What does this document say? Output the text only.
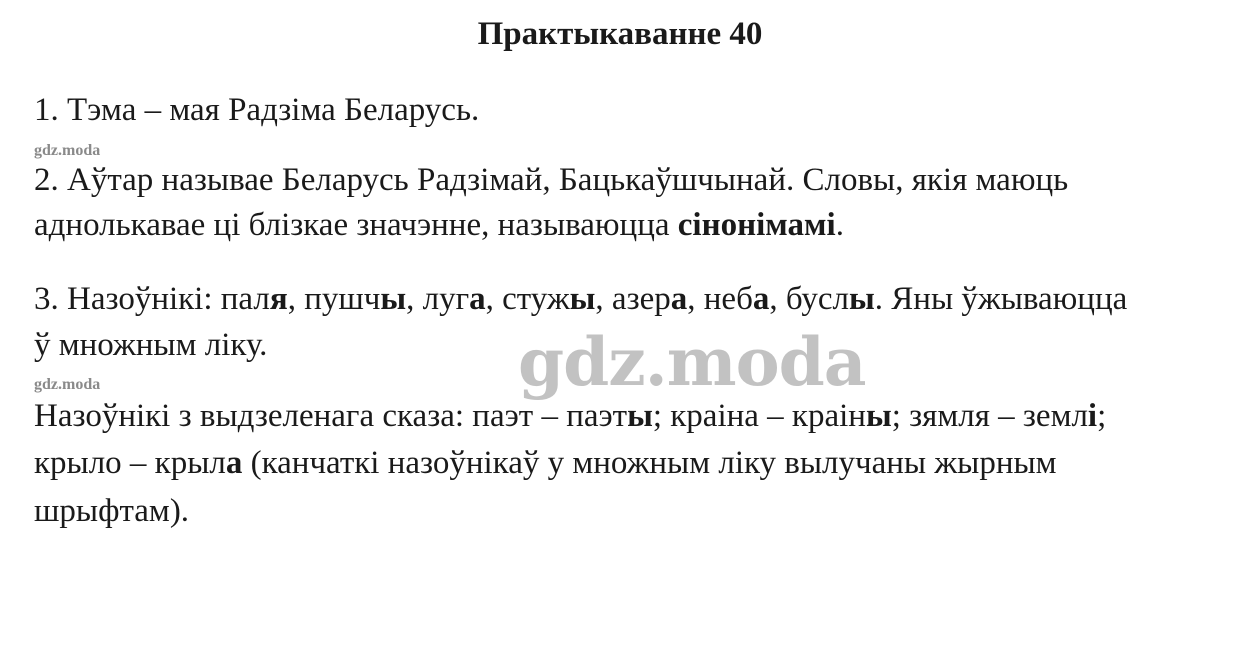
Практыкаванне 40
1. Тэма – мая Радзіма Беларусь.
gdz.moda
2. Аўтар называе Беларусь Радзімай, Бацькаўшчынай. Словы, якія маюць
аднолькавае ці блізкае значэнне, называюцца сінонімамі.
3. Назоўнікі: паля, пушчы, луга, стужы, азера, неба, буслы. Яны ўжываюцца
ў множным ліку.
gdz.moda
Назоўнікі з выдзеленага сказа: паэт – паэты; краіна – краіны; зямля – землі;
крыло – крыла (канчаткі назоўнікаў у множным ліку вылучаны жырным
шрыфтам).
gdz.moda
